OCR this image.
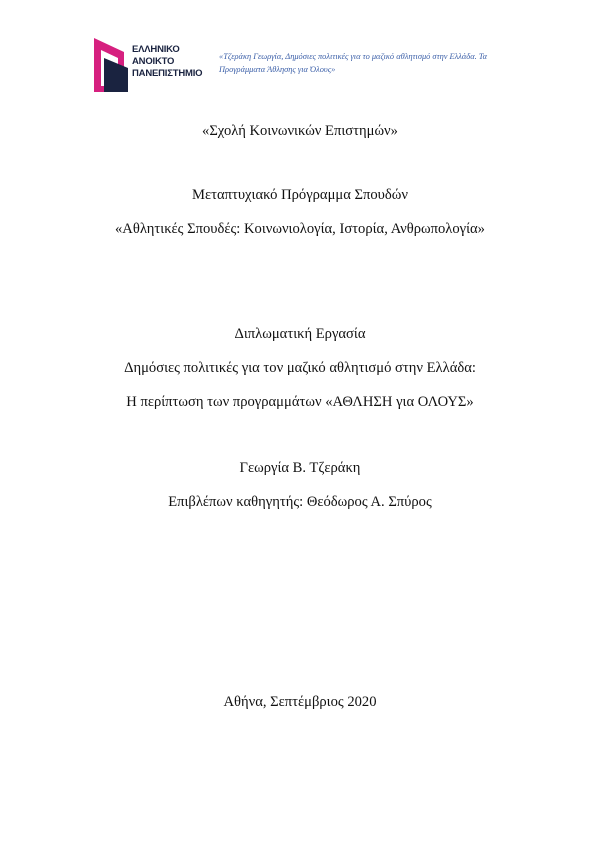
ΕΛΛΗΝΙΚΟ
ΑΝΟΙΚΤΟ
ΠΑΝΕΠΙΣΤΗΜΙΟ
«Τζεράκη Γεωργία, Δημόσιες πολιτικές για το μαζικό αθλητισμό στην Ελλάδα. Τα Προγράμματα Άθλησης για Όλους»
«Σχολή Κοινωνικών Επιστημών»
Μεταπτυχιακό Πρόγραμμα Σπουδών
«Αθλητικές Σπουδές: Κοινωνιολογία, Ιστορία, Ανθρωπολογία»
Διπλωματική Εργασία
Δημόσιες πολιτικές για τον μαζικό αθλητισμό στην Ελλάδα:
Η περίπτωση των προγραμμάτων «ΑΘΛΗΣΗ για ΟΛΟΥΣ»
Γεωργία Β. Τζεράκη
Επιβλέπων καθηγητής: Θεόδωρος Α. Σπύρος
Αθήνα, Σεπτέμβριος 2020
